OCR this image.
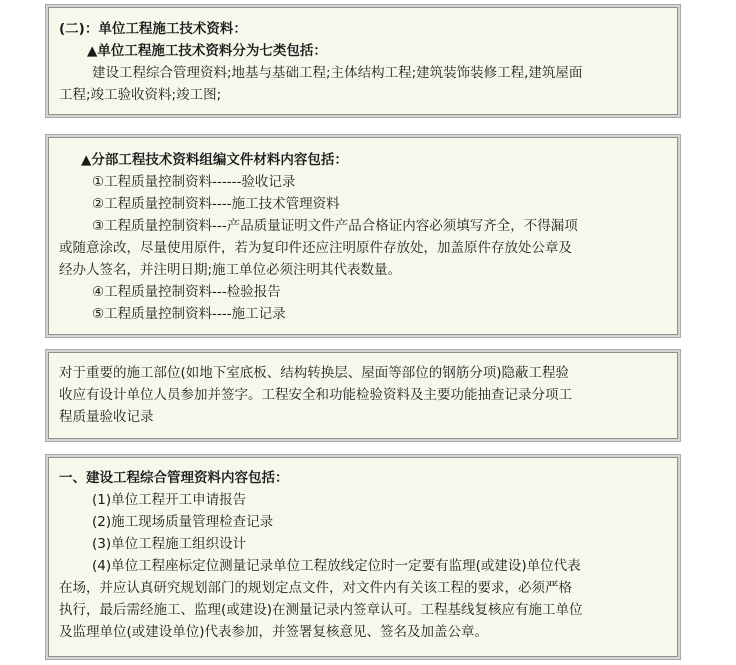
(二)：单位工程施工技术资料：

▲单位工程施工技术资料分为七类包括：

建设工程综合管理资料;地基与基础工程;主体结构工程;建筑装饰装修工程,建筑屋面

工程;竣工验收资料;竣工图;

▲分部工程技术资料组编文件材料内容包括：

①工程质量控制资料------验收记录

②工程质量控制资料----施工技术管理资料

③工程质量控制资料---产品质量证明文件产品合格证内容必须填写齐全，不得漏项

或随意涂改，尽量使用原件，若为复印件还应注明原件存放处，加盖原件存放处公章及

经办人签名，并注明日期;施工单位必须注明其代表数量。

④工程质量控制资料---检验报告

⑤工程质量控制资料----施工记录

对于重要的施工部位(如地下室底板、结构转换层、屋面等部位的钢筋分项)隐蔽工程验

收应有设计单位人员参加并签字。工程安全和功能检验资料及主要功能抽查记录分项工

程质量验收记录

一、建设工程综合管理资料内容包括：

(1)单位工程开工申请报告

(2)施工现场质量管理检查记录

(3)单位工程施工组织设计

(4)单位工程座标定位测量记录单位工程放线定位时一定要有监理(或建设)单位代表

在场，并应认真研究规划部门的规划定点文件，对文件内有关该工程的要求，必须严格

执行，最后需经施工、监理(或建设)在测量记录内签章认可。工程基线复核应有施工单位

及监理单位(或建设单位)代表参加，并签署复核意见、签名及加盖公章。
